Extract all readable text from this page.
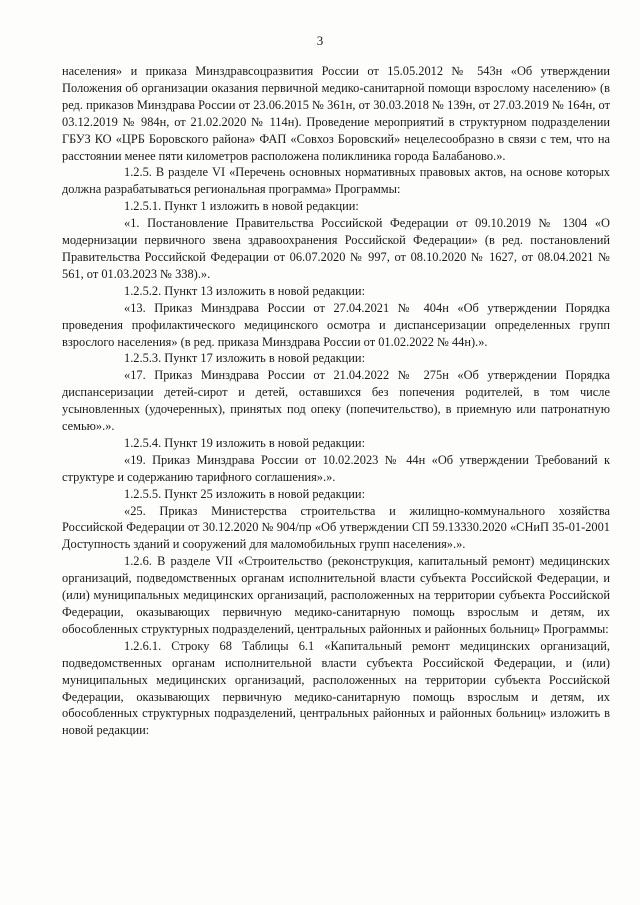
3

населения» и приказа Минздравсоцразвития России от 15.05.2012 № 543н «Об утверждении Положения об организации оказания первичной медико-санитарной помощи взрослому населению» (в ред. приказов Минздрава России от 23.06.2015 № 361н, от 30.03.2018 № 139н, от 27.03.2019 № 164н, от 03.12.2019 № 984н, от 21.02.2020 № 114н). Проведение мероприятий в структурном подразделении ГБУЗ КО «ЦРБ Боровского района» ФАП «Совхоз Боровский» нецелесообразно в связи с тем, что на расстоянии менее пяти километров расположена поликлиника города Балабаново.».

1.2.5. В разделе VI «Перечень основных нормативных правовых актов, на основе которых должна разрабатываться региональная программа» Программы:

1.2.5.1. Пункт 1 изложить в новой редакции:

«1. Постановление Правительства Российской Федерации от 09.10.2019 № 1304 «О модернизации первичного звена здравоохранения Российской Федерации» (в ред. постановлений Правительства Российской Федерации от 06.07.2020 № 997, от 08.10.2020 № 1627, от 08.04.2021 № 561, от 01.03.2023 № 338).».

1.2.5.2. Пункт 13 изложить в новой редакции:

«13. Приказ Минздрава России от 27.04.2021 № 404н «Об утверждении Порядка проведения профилактического медицинского осмотра и диспансеризации определенных групп взрослого населения» (в ред. приказа Минздрава России от 01.02.2022 № 44н).».

1.2.5.3. Пункт 17 изложить в новой редакции:

«17. Приказ Минздрава России от 21.04.2022 № 275н «Об утверждении Порядка диспансеризации детей-сирот и детей, оставшихся без попечения родителей, в том числе усыновленных (удочеренных), принятых под опеку (попечительство), в приемную или патронатную семью».».

1.2.5.4. Пункт 19 изложить в новой редакции:

«19. Приказ Минздрава России от 10.02.2023 № 44н «Об утверждении Требований к структуре и содержанию тарифного соглашения».».

1.2.5.5. Пункт 25 изложить в новой редакции:

«25. Приказ Министерства строительства и жилищно-коммунального хозяйства Российской Федерации от 30.12.2020 № 904/пр «Об утверждении СП 59.13330.2020 «СНиП 35-01-2001 Доступность зданий и сооружений для маломобильных групп населения».».

1.2.6. В разделе VII «Строительство (реконструкция, капитальный ремонт) медицинских организаций, подведомственных органам исполнительной власти субъекта Российской Федерации, и (или) муниципальных медицинских организаций, расположенных на территории субъекта Российской Федерации, оказывающих первичную медико-санитарную помощь взрослым и детям, их обособленных структурных подразделений, центральных районных и районных больниц» Программы:

1.2.6.1. Строку 68 Таблицы 6.1 «Капитальный ремонт медицинских организаций, подведомственных органам исполнительной власти субъекта Российской Федерации, и (или) муниципальных медицинских организаций, расположенных на территории субъекта Российской Федерации, оказывающих первичную медико-санитарную помощь взрослым и детям, их обособленных структурных подразделений, центральных районных и районных больниц» изложить в новой редакции:
